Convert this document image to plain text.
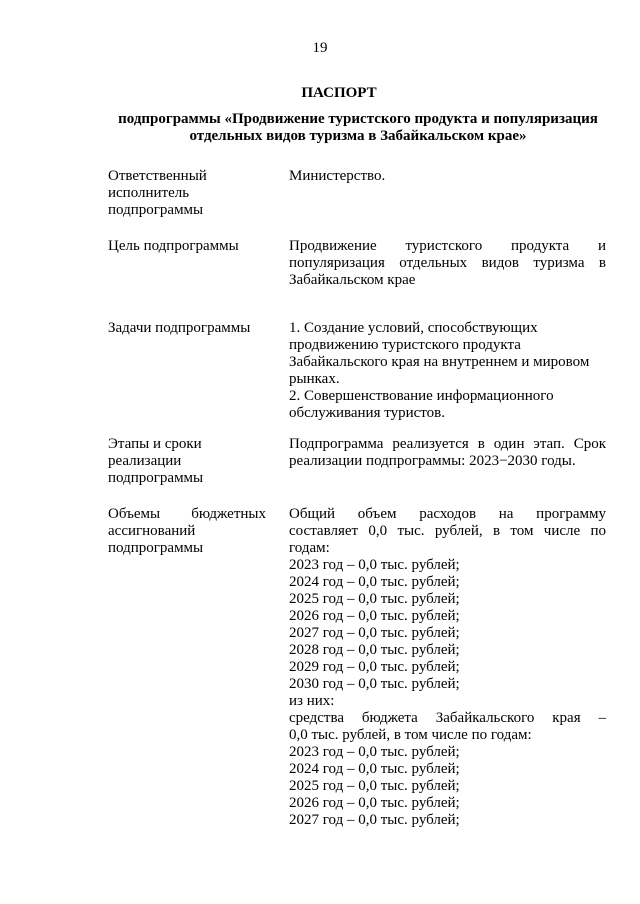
19
ПАСПОРТ
подпрограммы «Продвижение туристского продукта и популяризация
отдельных видов туризма в Забайкальском крае»
Ответственный
исполнитель
подпрограммы
Министерство.
Цель подпрограммы	Продвижение туристского продукта и
популяризация отдельных видов туризма в
Забайкальском крае
Задачи подпрограммы	1. Создание условий, способствующих
продвижению туристского продукта
Забайкальского края на внутреннем и мировом
рынках.
2. Совершенствование информационного
обслуживания туристов.
Этапы и сроки
реализации
подпрограммы
Подпрограмма реализуется в один этап. Срок
реализации подпрограммы: 2023−2030 годы.
Объемы бюджетных
ассигнований
подпрограммы
Общий объем расходов на программу
составляет 0,0 тыс. рублей, в том числе по
годам:
2023 год – 0,0 тыс. рублей;
2024 год – 0,0 тыс. рублей;
2025 год – 0,0 тыс. рублей;
2026 год – 0,0 тыс. рублей;
2027 год – 0,0 тыс. рублей;
2028 год – 0,0 тыс. рублей;
2029 год – 0,0 тыс. рублей;
2030 год – 0,0 тыс. рублей;
из них:
средства бюджета Забайкальского края –
0,0 тыс. рублей, в том числе по годам:
2023 год – 0,0 тыс. рублей;
2024 год – 0,0 тыс. рублей;
2025 год – 0,0 тыс. рублей;
2026 год – 0,0 тыс. рублей;
2027 год – 0,0 тыс. рублей;
